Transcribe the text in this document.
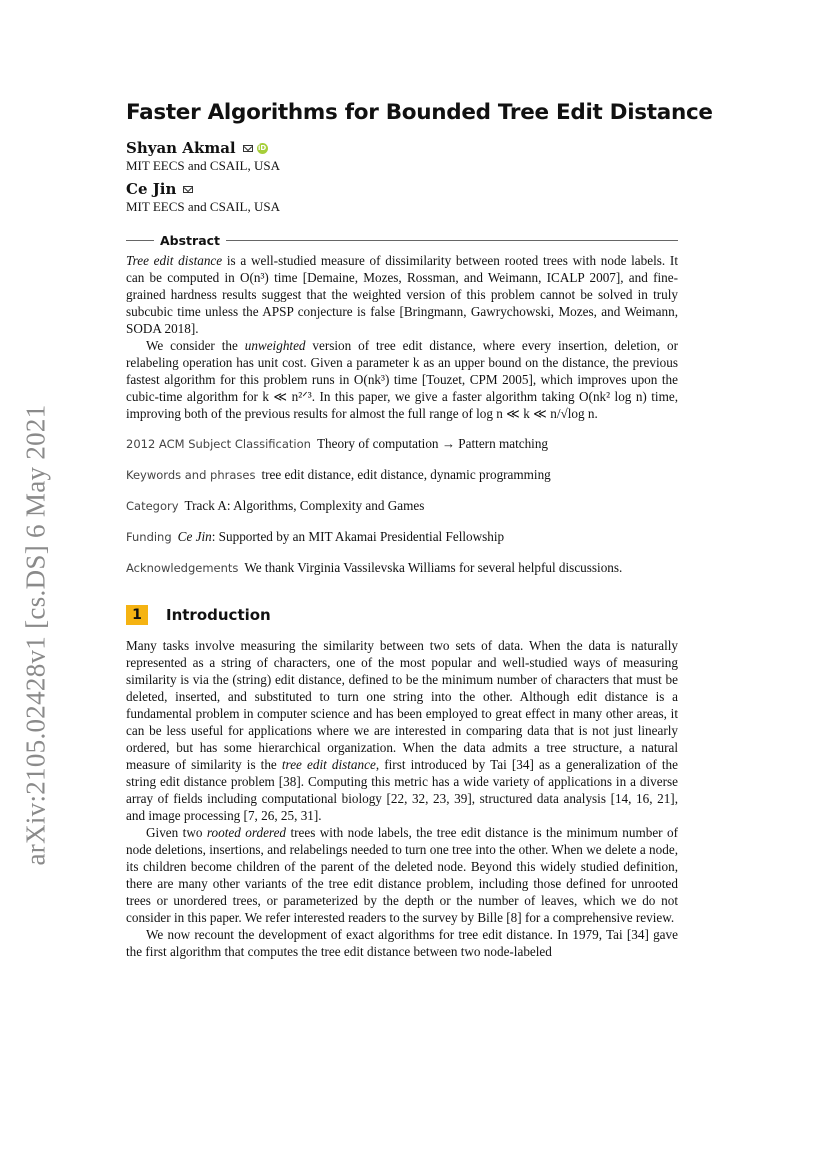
arXiv:2105.02428v1 [cs.DS] 6 May 2021
Faster Algorithms for Bounded Tree Edit Distance
Shyan Akmal	iD
MIT EECS and CSAIL, USA
Ce Jin
MIT EECS and CSAIL, USA
Abstract

Tree edit distance is a well-studied measure of dissimilarity between rooted trees with node labels. It can be computed in O(n³) time [Demaine, Mozes, Rossman, and Weimann, ICALP 2007], and fine-grained hardness results suggest that the weighted version of this problem cannot be solved in truly subcubic time unless the APSP conjecture is false [Bringmann, Gawrychowski, Mozes, and Weimann, SODA 2018].

We consider the unweighted version of tree edit distance, where every insertion, deletion, or relabeling operation has unit cost. Given a parameter k as an upper bound on the distance, the previous fastest algorithm for this problem runs in O(nk³) time [Touzet, CPM 2005], which improves upon the cubic-time algorithm for k ≪ n²ᐟ³. In this paper, we give a faster algorithm taking O(nk² log n) time, improving both of the previous results for almost the full range of log n ≪ k ≪ n/√log n.

2012 ACM Subject Classification Theory of computation → Pattern matching
Keywords and phrases tree edit distance, edit distance, dynamic programming
Category Track A: Algorithms, Complexity and Games
Funding Ce Jin: Supported by an MIT Akamai Presidential Fellowship
Acknowledgements We thank Virginia Vassilevska Williams for several helpful discussions.
1	Introduction

Many tasks involve measuring the similarity between two sets of data. When the data is naturally represented as a string of characters, one of the most popular and well-studied ways of measuring similarity is via the (string) edit distance, defined to be the minimum number of characters that must be deleted, inserted, and substituted to turn one string into the other. Although edit distance is a fundamental problem in computer science and has been employed to great effect in many other areas, it can be less useful for applications where we are interested in comparing data that is not just linearly ordered, but has some hierarchical organization. When the data admits a tree structure, a natural measure of similarity is the tree edit distance, first introduced by Tai [34] as a generalization of the string edit distance problem [38]. Computing this metric has a wide variety of applications in a diverse array of fields including computational biology [22, 32, 23, 39], structured data analysis [14, 16, 21], and image processing [7, 26, 25, 31].

Given two rooted ordered trees with node labels, the tree edit distance is the minimum number of node deletions, insertions, and relabelings needed to turn one tree into the other. When we delete a node, its children become children of the parent of the deleted node. Beyond this widely studied definition, there are many other variants of the tree edit distance problem, including those defined for unrooted trees or unordered trees, or parameterized by the depth or the number of leaves, which we do not consider in this paper. We refer interested readers to the survey by Bille [8] for a comprehensive review.

We now recount the development of exact algorithms for tree edit distance. In 1979, Tai [34] gave the first algorithm that computes the tree edit distance between two node-labeled
